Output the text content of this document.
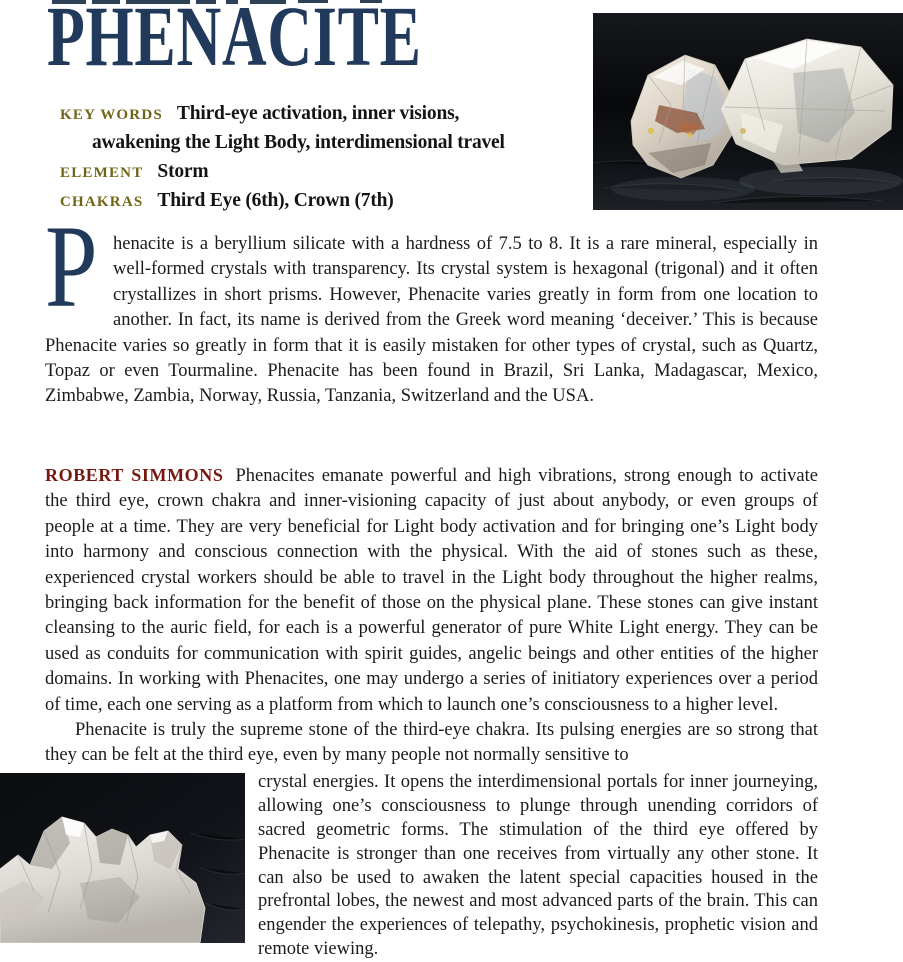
PHENACITE
KEY WORDS Third-eye activation, inner visions, awakening the Light Body, interdimensional travel
ELEMENT Storm
CHAKRAS Third Eye (6th), Crown (7th)

P henacite is a beryllium silicate with a hardness of 7.5 to 8. It is a rare mineral, especially in well-formed crystals with transparency. Its crystal system is hexagonal (trigonal) and it often crystallizes in short prisms. However, Phenacite varies greatly in form from one location to another. In fact, its name is derived from the Greek word meaning ‘deceiver.’ This is because Phenacite varies so greatly in form that it is easily mistaken for other types of crystal, such as Quartz, Topaz or even Tourmaline. Phenacite has been found in Brazil, Sri Lanka, Madagascar, Mexico, Zimbabwe, Zambia, Norway, Russia, Tanzania, Switzerland and the USA.

ROBERT SIMMONS Phenacites emanate powerful and high vibrations, strong enough to activate the third eye, crown chakra and inner-visioning capacity of just about anybody, or even groups of people at a time. They are very beneficial for Light body activation and for bringing one’s Light body into harmony and conscious connection with the physical. With the aid of stones such as these, experienced crystal workers should be able to travel in the Light body throughout the higher realms, bringing back information for the benefit of those on the physical plane. These stones can give instant cleansing to the auric field, for each is a powerful generator of pure White Light energy. They can be used as conduits for communication with spirit guides, angelic beings and other entities of the higher domains. In working with Phenacites, one may undergo a series of initiatory experiences over a period of time, each one serving as a platform from which to launch one’s consciousness to a higher level.

Phenacite is truly the supreme stone of the third-eye chakra. Its pulsing energies are so strong that they can be felt at the third eye, even by many people not normally sensitive to

crystal energies. It opens the interdimensional portals for inner journeying, allowing one’s consciousness to plunge through unending corridors of sacred geometric forms. The stimulation of the third eye offered by Phenacite is stronger than one receives from virtually any other stone. It can also be used to awaken the latent special capacities housed in the prefrontal lobes, the newest and most advanced parts of the brain. This can engender the experiences of telepathy, psychokinesis, prophetic vision and remote viewing.
